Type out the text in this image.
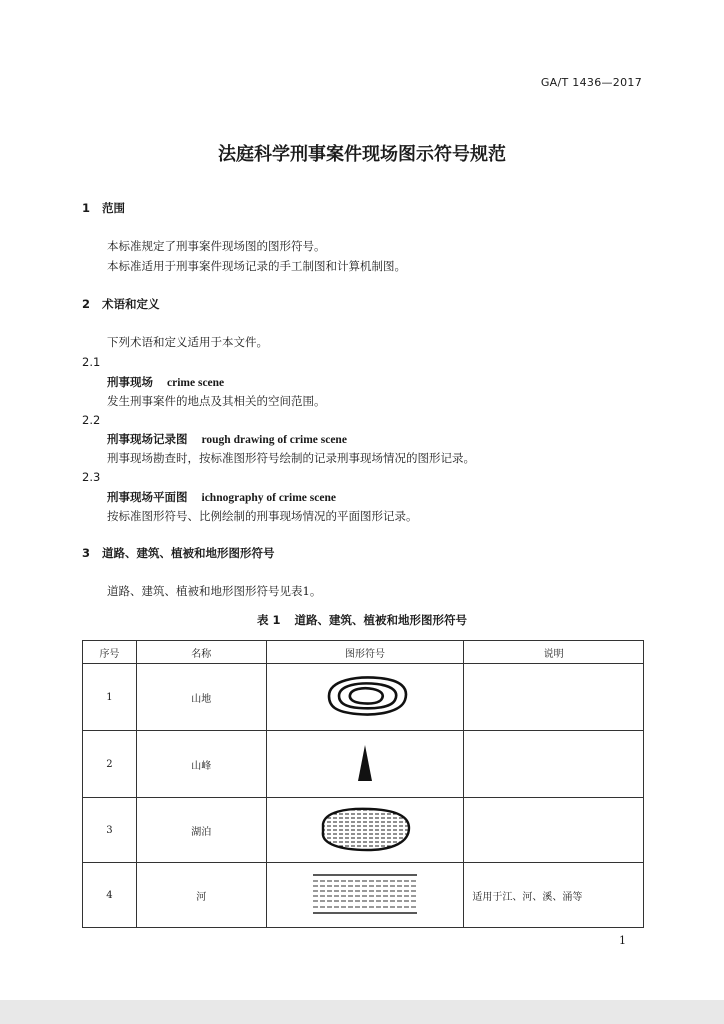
GA/T 1436—2017
法庭科学刑事案件现场图示符号规范
1 范围
本标准规定了刑事案件现场图的图形符号。
本标准适用于刑事案件现场记录的手工制图和计算机制图。
2 术语和定义
下列术语和定义适用于本文件。
2.1
刑事现场 crime scene
发生刑事案件的地点及其相关的空间范围。
2.2
刑事现场记录图 rough drawing of crime scene
刑事现场勘查时，按标准图形符号绘制的记录刑事现场情况的图形记录。
2.3
刑事现场平面图 ichnography of crime scene
按标准图形符号、比例绘制的刑事现场情况的平面图形记录。
3 道路、建筑、植被和地形图形符号
道路、建筑、植被和地形图形符号见表1。
表 1 道路、建筑、植被和地形图形符号
序号	名称	图形符号	说明
1	山地		
2	山峰		
3	湖泊		
4	河		适用于江、河、溪、涌等
1
